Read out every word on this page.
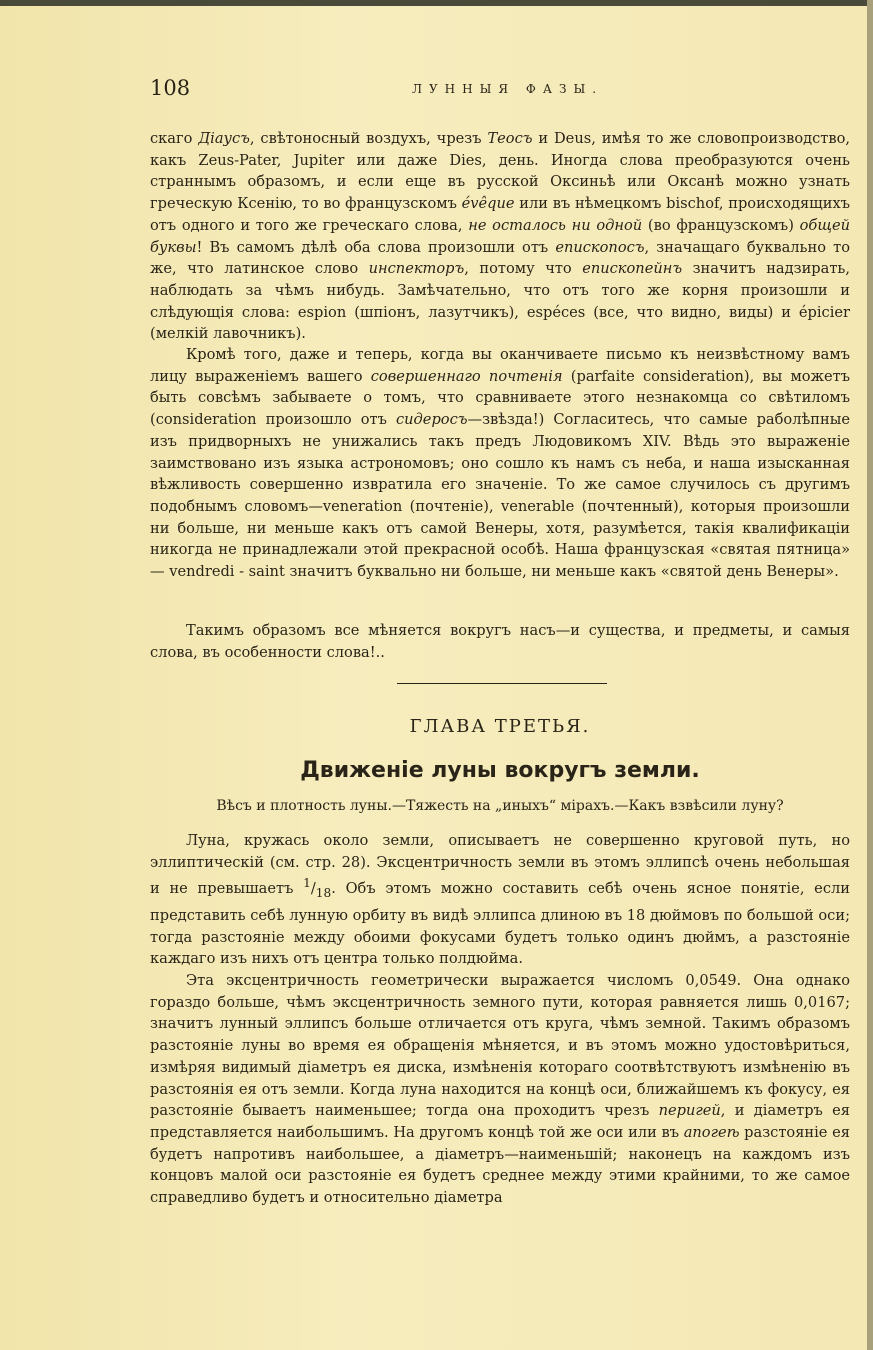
108	ЛУННЫЯ ФАЗЫ.

скаго Діаусъ, свѣтоносный воздухъ, чрезъ Теосъ и Deus, имѣя то же словопроизводство, какъ Zeus-Pater, Jupiter или даже Dies, день. Иногда слова преобразуются очень страннымъ образомъ, и если еще въ русской Оксиньѣ или Оксанѣ можно узнать греческую Ксенію, то во французскомъ évêque или въ нѣмецкомъ bischof, происходящихъ отъ одного и того же греческаго слова, не осталось ни одной (во французскомъ) общей буквы! Въ самомъ дѣлѣ оба слова произошли отъ епископосъ, значащаго буквально то же, что латинское слово инспекторъ, потому что епископейнъ значитъ надзирать, наблюдать за чѣмъ нибудь. Замѣчательно, что отъ того же корня произошли и слѣдующія слова: espion (шпіонъ, лазутчикъ), espéces (все, что видно, виды) и épicier (мелкій лавочникъ).

Кромѣ того, даже и теперь, когда вы оканчиваете письмо къ неизвѣстному вамъ лицу выраженіемъ вашего совершеннаго почтенія (parfaite consideration), вы можетъ быть совсѣмъ забываете о томъ, что сравниваете этого незнакомца со свѣтиломъ (consideration произошло отъ сидеросъ—звѣзда!) Согласитесь, что самые раболѣпные изъ придворныхъ не унижались такъ предъ Людовикомъ XIV. Вѣдь это выраженіе заимствовано изъ языка астрономовъ; оно сошло къ намъ съ неба, и наша изысканная вѣжливость совершенно извратила его значеніе. То же самое случилось съ другимъ подобнымъ словомъ—veneration (почтеніе), venerable (почтенный), которыя произошли ни больше, ни меньше какъ отъ самой Венеры, хотя, разумѣется, такія квалификаціи никогда не принадлежали этой прекрасной особѣ. Наша французская «святая пятница» — vendredi - saint значитъ буквально ни больше, ни меньше какъ «святой день Венеры».

Такимъ образомъ все мѣняется вокругъ насъ—и существа, и предметы, и самыя слова, въ особенности слова!..

ГЛАВА ТРЕТЬЯ.
Движеніе луны вокругъ земли.
Вѣсъ и плотность луны.—Тяжесть на „иныхъ“ мірахъ.—Какъ взвѣсили луну?

Луна, кружась около земли, описываетъ не совершенно круговой путь, но эллиптическій (см. стр. 28). Эксцентричность земли въ этомъ эллипсѣ очень небольшая и не превышаетъ $^1/_{18}$. Объ этомъ можно составить себѣ очень ясное понятіе, если представить себѣ лунную орбиту въ видѣ эллипса длиною въ 18 дюймовъ по большой оси; тогда разстояніе между обоими фокусами будетъ только одинъ дюймъ, а разстояніе каждаго изъ нихъ отъ центра только полдюйма.

Эта эксцентричность геометрически выражается числомъ 0,0549. Она однако гораздо больше, чѣмъ эксцентричность земного пути, которая равняется лишь 0,0167; значитъ лунный эллипсъ больше отличается отъ круга, чѣмъ земной. Такимъ образомъ разстояніе луны во время ея обращенія мѣняется, и въ этомъ можно удостовѣриться, измѣряя видимый діаметръ ея диска, измѣненія котораго соотвѣтствуютъ измѣненію въ разстоянія ея отъ земли. Когда луна находится на концѣ оси, ближайшемъ къ фокусу, ея разстояніе бываетъ наименьшее; тогда она проходитъ чрезъ перигей, и діаметръ ея представляется наибольшимъ. На другомъ концѣ той же оси или въ апогеѣ разстояніе ея будетъ напротивъ наибольшее, а діаметръ—наименьшій; наконецъ на каждомъ изъ концовъ малой оси разстояніе ея будетъ среднее между этими крайними, то же самое справедливо будетъ и относительно діаметра
